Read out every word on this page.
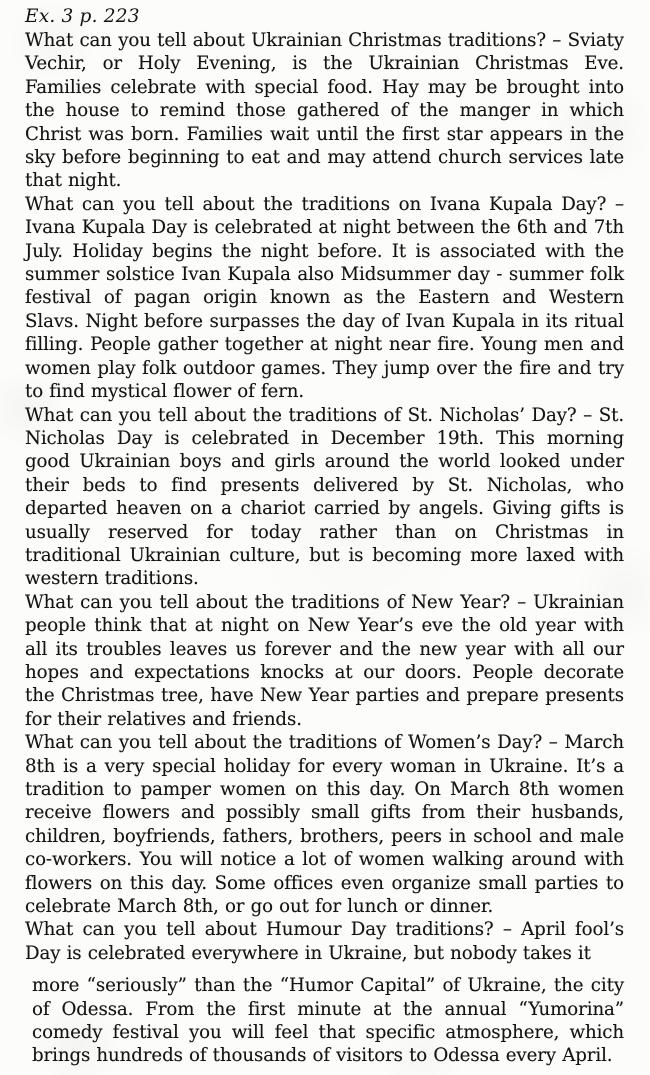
Ex. 3 p. 223

What can you tell about Ukrainian Christmas traditions? – Sviaty Vechir, or Holy Evening, is the Ukrainian Christmas Eve. Families celebrate with special food. Hay may be brought into the house to remind those gathered of the manger in which Christ was born. Families wait until the first star appears in the sky before beginning to eat and may attend church services late that night.

What can you tell about the traditions on Ivana Kupala Day? – Ivana Kupala Day is celebrated at night between the 6th and 7th July. Holiday begins the night before. It is associated with the summer solstice Ivan Kupala also Midsummer day - summer folk festival of pagan origin known as the Eastern and Western Slavs. Night before surpasses the day of Ivan Kupala in its ritual filling. People gather together at night near fire. Young men and women play folk outdoor games. They jump over the fire and try to find mystical flower of fern.

What can you tell about the traditions of St. Nicholas’ Day? – St. Nicholas Day is celebrated in December 19th. This morning good Ukrainian boys and girls around the world looked under their beds to find presents delivered by St. Nicholas, who departed heaven on a chariot carried by angels. Giving gifts is usually reserved for today rather than on Christmas in traditional Ukrainian culture, but is becoming more laxed with western traditions.

What can you tell about the traditions of New Year? – Ukrainian people think that at night on New Year’s eve the old year with all its troubles leaves us forever and the new year with all our hopes and expectations knocks at our doors. People decorate the Christmas tree, have New Year parties and prepare presents for their relatives and friends.

What can you tell about the traditions of Women’s Day? – March 8th is a very special holiday for every woman in Ukraine. It’s a tradition to pamper women on this day. On March 8th women receive flowers and possibly small gifts from their husbands, children, boyfriends, fathers, brothers, peers in school and male co-workers. You will notice a lot of women walking around with flowers on this day. Some offices even organize small parties to celebrate March 8th, or go out for lunch or dinner.

What can you tell about Humour Day traditions? – April fool’s Day is celebrated everywhere in Ukraine, but nobody takes it

more “seriously” than the “Humor Capital” of Ukraine, the city of Odessa. From the first minute at the annual “Yumorina” comedy festival you will feel that specific atmosphere, which brings hundreds of thousands of visitors to Odessa every April.
